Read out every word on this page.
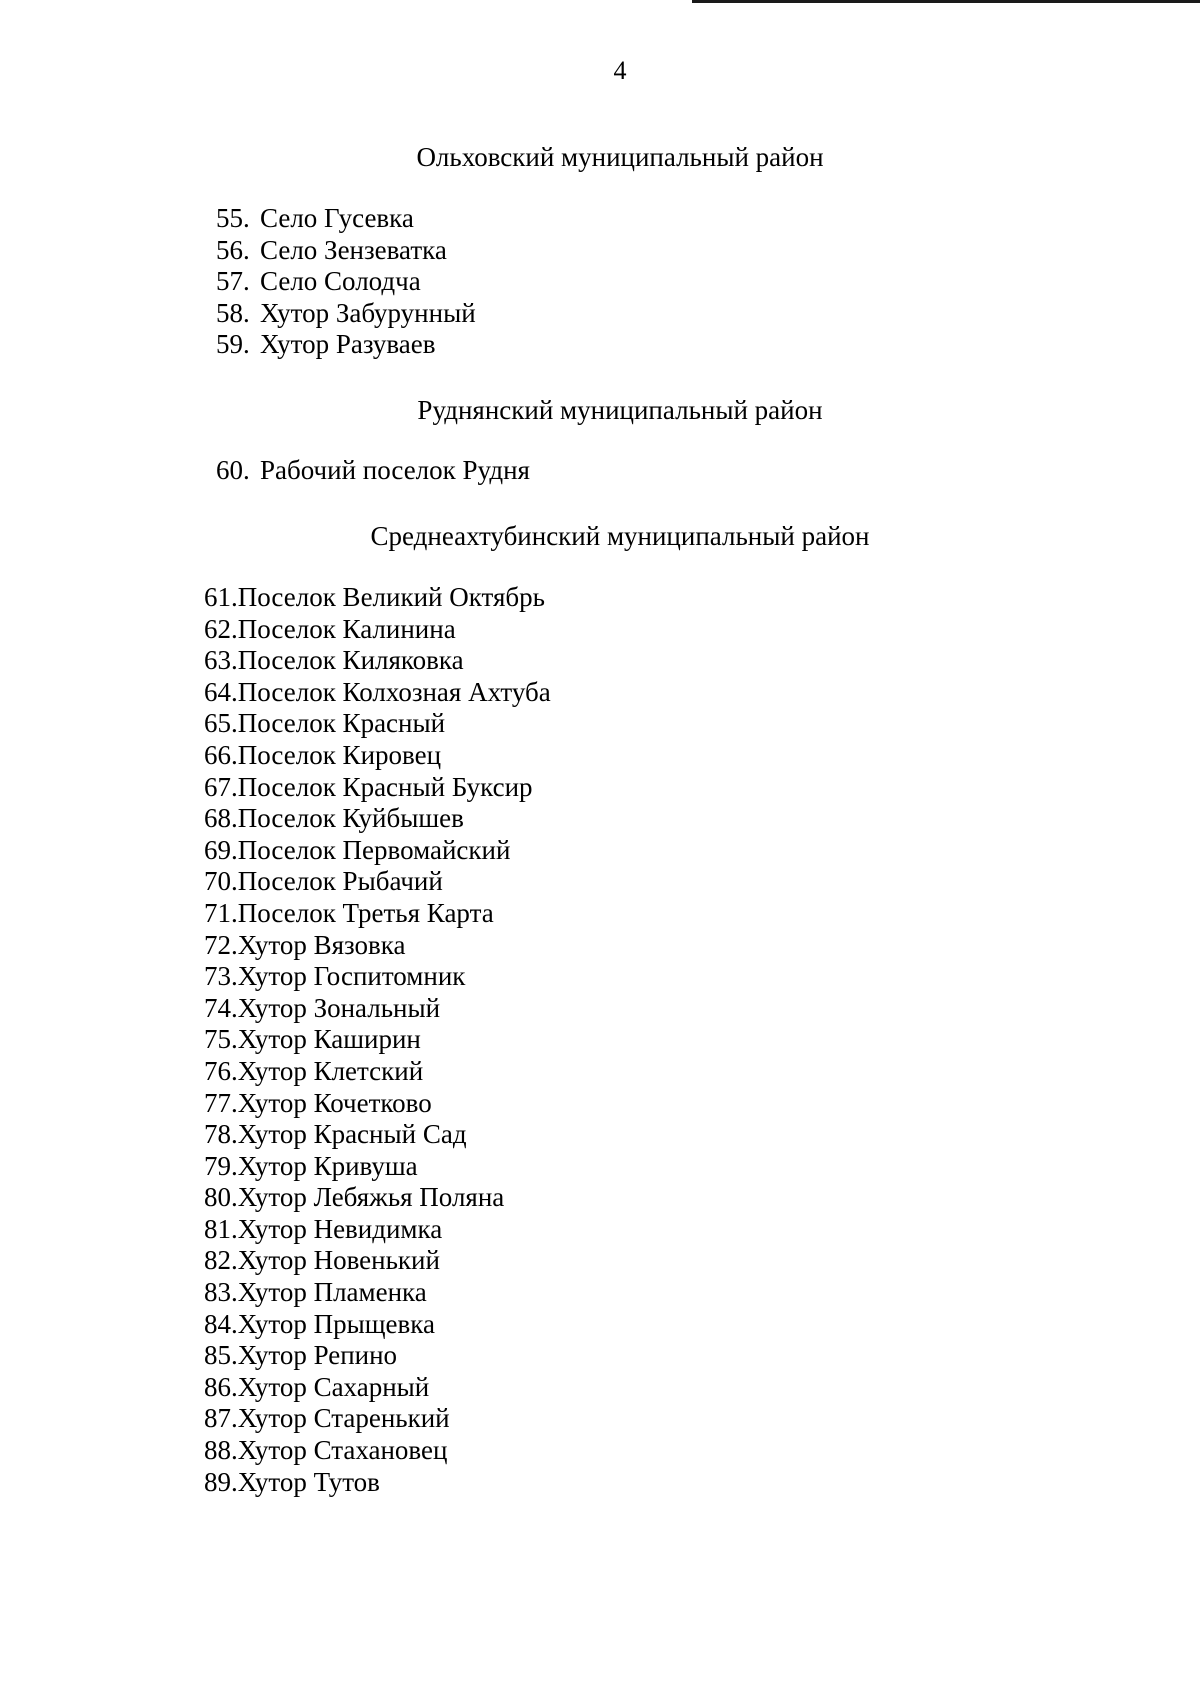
4
Ольховский муниципальный район
55. Село Гусевка
56. Село Зензеватка
57. Село Солодча
58. Хутор Забурунный
59. Хутор Разуваев
Руднянский муниципальный район
60. Рабочий поселок Рудня
Среднеахтубинский муниципальный район
61.Поселок Великий Октябрь
62.Поселок Калинина
63.Поселок Киляковка
64.Поселок Колхозная Ахтуба
65.Поселок Красный
66.Поселок Кировец
67.Поселок Красный Буксир
68.Поселок Куйбышев
69.Поселок Первомайский
70.Поселок Рыбачий
71.Поселок Третья Карта
72.Хутор Вязовка
73.Хутор Госпитомник
74.Хутор Зональный
75.Хутор Каширин
76.Хутор Клетский
77.Хутор Кочетково
78.Хутор Красный Сад
79.Хутор Кривуша
80.Хутор Лебяжья Поляна
81.Хутор Невидимка
82.Хутор Новенький
83.Хутор Пламенка
84.Хутор Прыщевка
85.Хутор Репино
86.Хутор Сахарный
87.Хутор Старенький
88.Хутор Стахановец
89.Хутор Тутов
